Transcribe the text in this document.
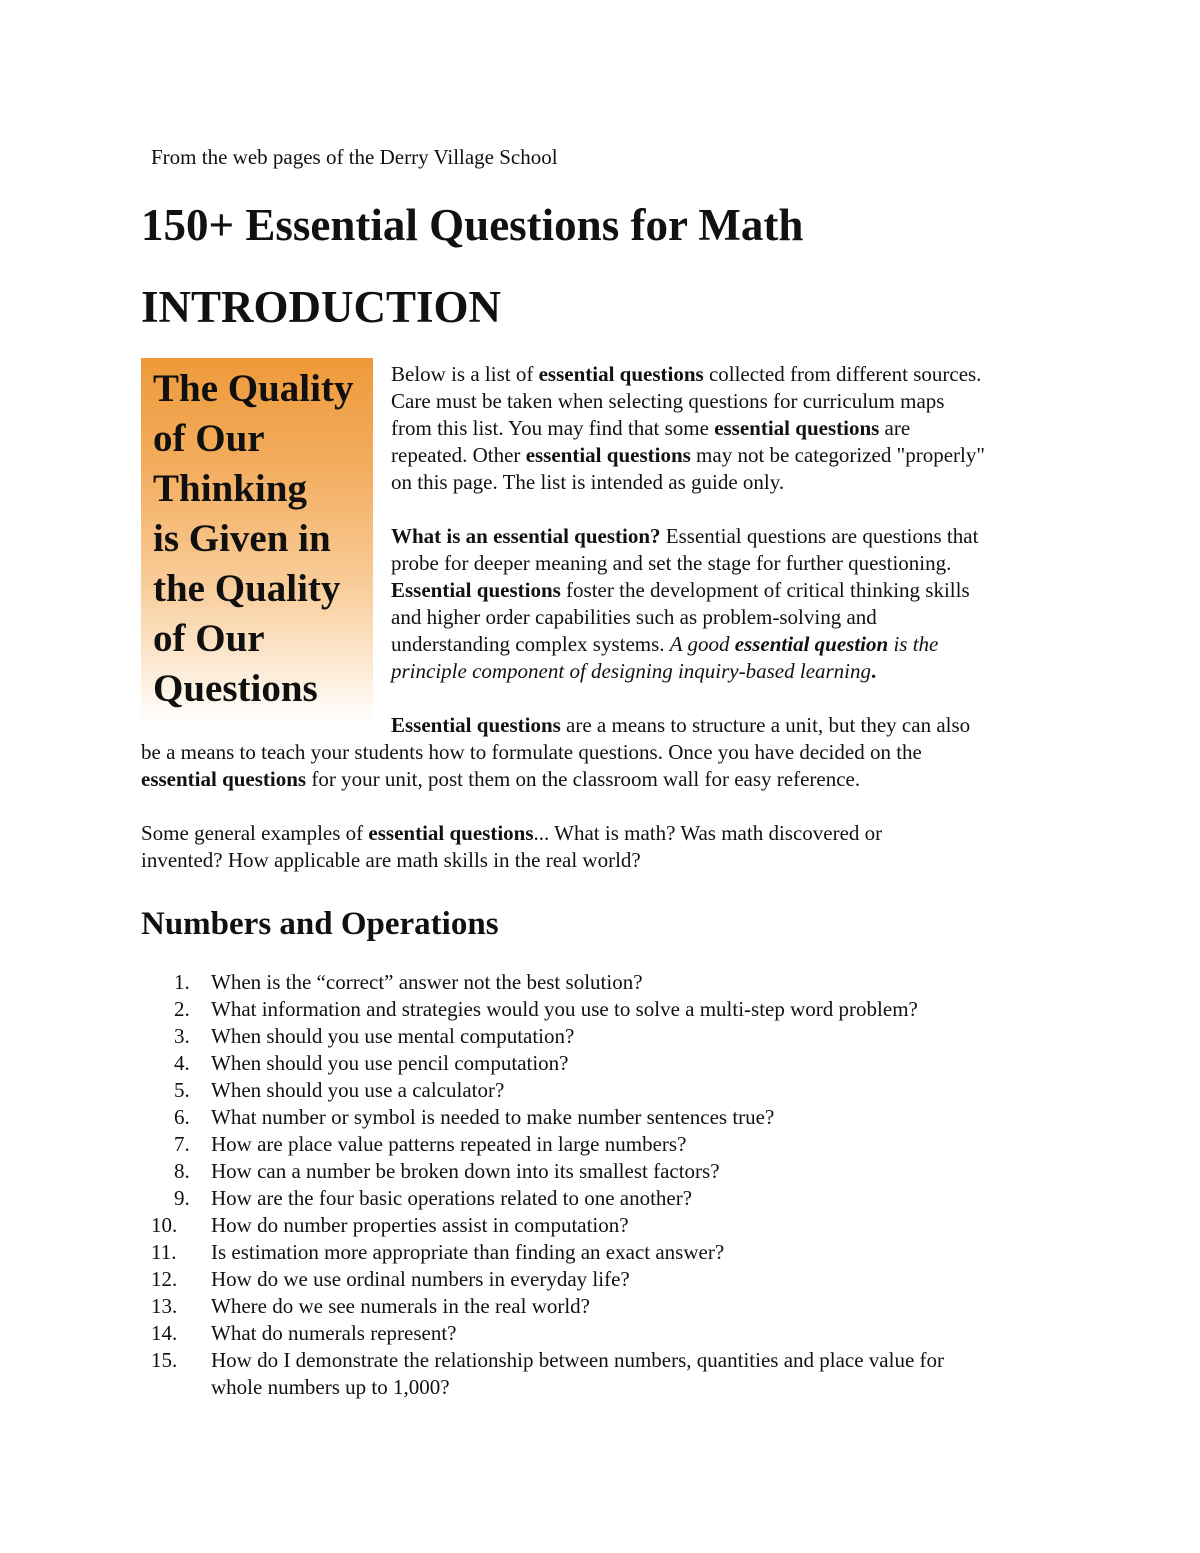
From the web pages of the Derry Village School
150+ Essential Questions for Math
INTRODUCTION
The Quality
of Our
Thinking
is Given in
the Quality
of Our
Questions

Below is a list of essential questions collected from different sources.
Care must be taken when selecting questions for curriculum maps
from this list. You may find that some essential questions are
repeated. Other essential questions may not be categorized "properly"
on this page. The list is intended as guide only.

What is an essential question? Essential questions are questions that
probe for deeper meaning and set the stage for further questioning.
Essential questions foster the development of critical thinking skills
and higher order capabilities such as problem-solving and
understanding complex systems. A good essential question is the
principle component of designing inquiry-based learning.

Essential questions are a means to structure a unit, but they can also

be a means to teach your students how to formulate questions. Once you have decided on the
essential questions for your unit, post them on the classroom wall for easy reference.

Some general examples of essential questions... What is math? Was math discovered or
invented? How applicable are math skills in the real world?

Numbers and Operations
1. When is the “correct” answer not the best solution?
2. What information and strategies would you use to solve a multi-step word problem?
3. When should you use mental computation?
4. When should you use pencil computation?
5. When should you use a calculator?
6. What number or symbol is needed to make number sentences true?
7. How are place value patterns repeated in large numbers?
8. How can a number be broken down into its smallest factors?
9. How are the four basic operations related to one another?
10. How do number properties assist in computation?
11. Is estimation more appropriate than finding an exact answer?
12. How do we use ordinal numbers in everyday life?
13. Where do we see numerals in the real world?
14. What do numerals represent?
15. How do I demonstrate the relationship between numbers, quantities and place value for
whole numbers up to 1,000?
